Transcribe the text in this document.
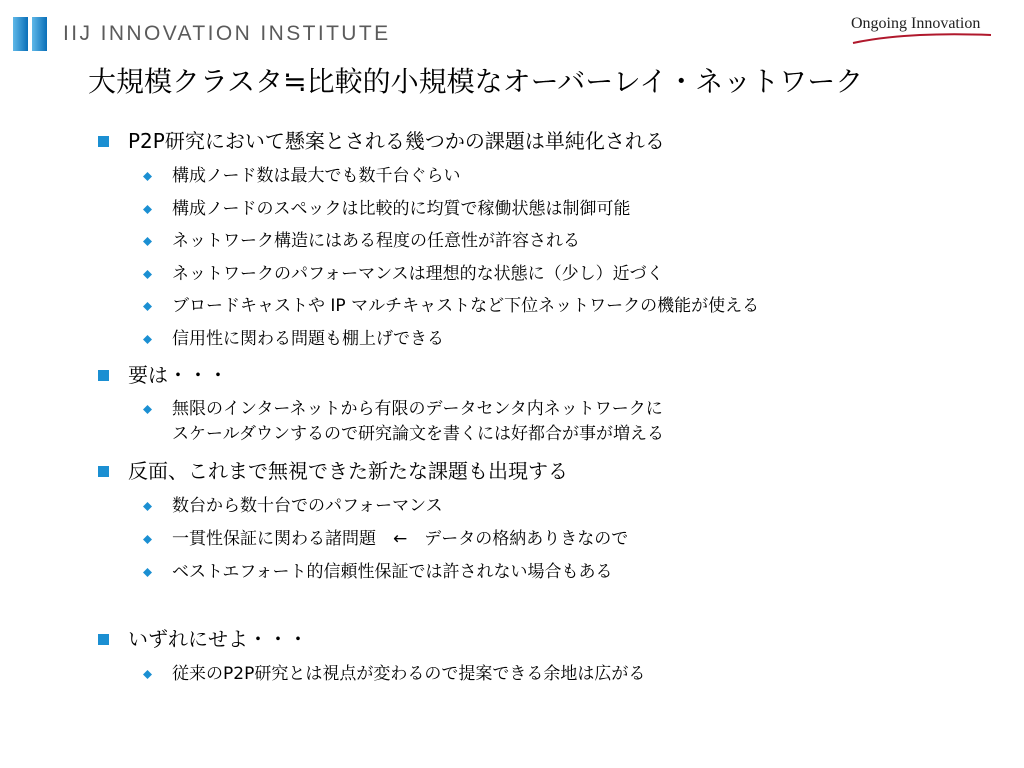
IIJ INNOVATION INSTITUTE	Ongoing Innovation
大規模クラスタ≒比較的小規模なオーバーレイ・ネットワーク
P2P研究において懸案とされる幾つかの課題は単純化される
構成ノード数は最大でも数千台ぐらい
構成ノードのスペックは比較的に均質で稼働状態は制御可能
ネットワーク構造にはある程度の任意性が許容される
ネットワークのパフォーマンスは理想的な状態に（少し）近づく
ブロードキャストや IP マルチキャストなど下位ネットワークの機能が使える
信用性に関わる問題も棚上げできる
要は・・・
無限のインターネットから有限のデータセンタ内ネットワークに
スケールダウンするので研究論文を書くには好都合が事が増える
反面、これまで無視できた新たな課題も出現する
数台から数十台でのパフォーマンス
一貫性保証に関わる諸問題　←　データの格納ありきなので
ベストエフォート的信頼性保証では許されない場合もある
いずれにせよ・・・
従来のP2P研究とは視点が変わるので提案できる余地は広がる
